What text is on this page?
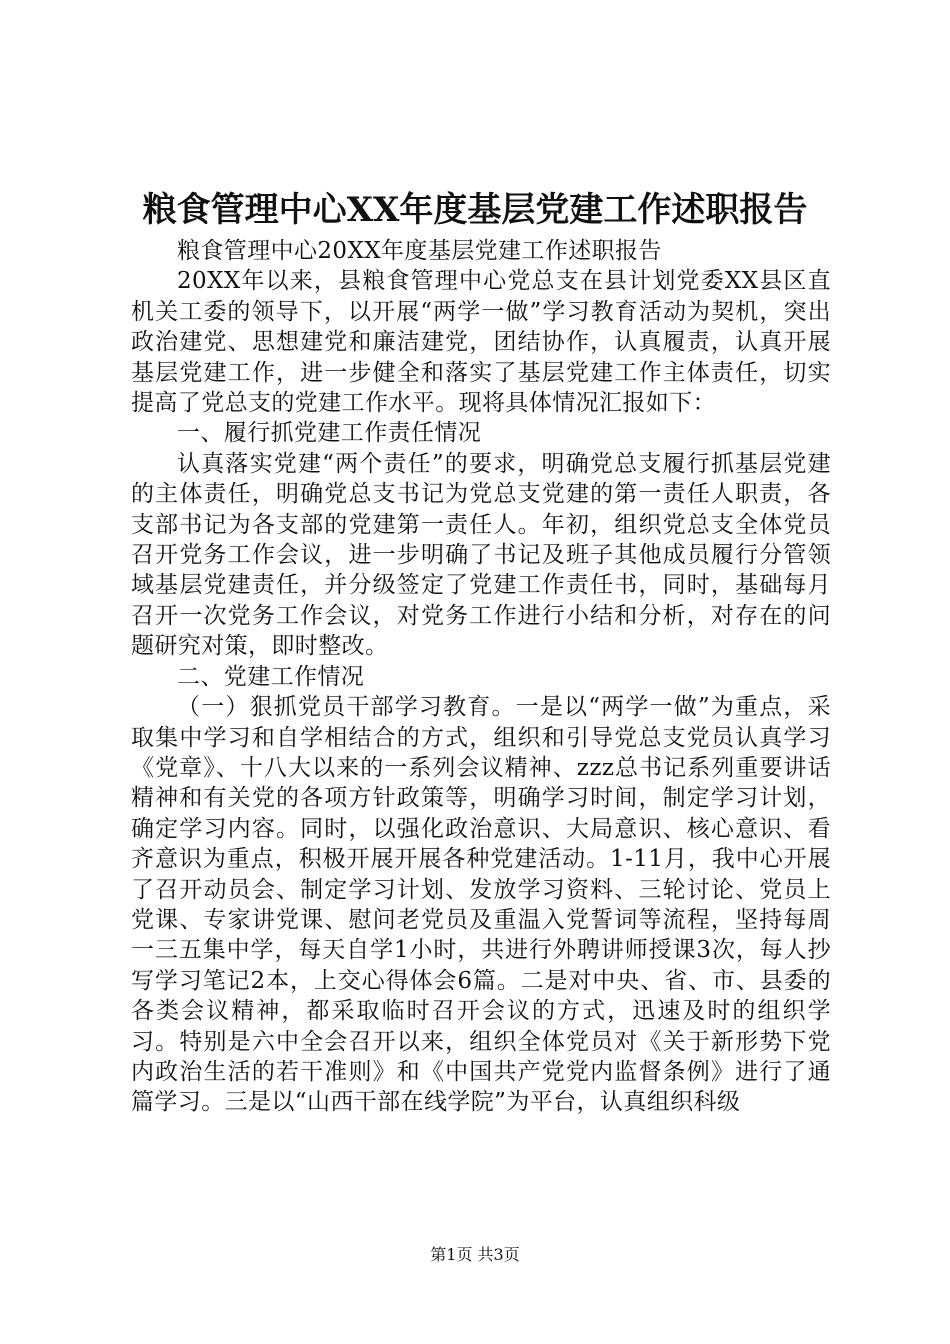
粮食管理中心XX年度基层党建工作述职报告

粮食管理中心20XX年度基层党建工作述职报告

20XX年以来，县粮食管理中心党总支在县计划党委XX县区直机关工委的领导下，以开展“两学一做”学习教育活动为契机，突出政治建党、思想建党和廉洁建党，团结协作，认真履责，认真开展基层党建工作，进一步健全和落实了基层党建工作主体责任，切实提高了党总支的党建工作水平。现将具体情况汇报如下：

一、履行抓党建工作责任情况

认真落实党建“两个责任”的要求，明确党总支履行抓基层党建的主体责任，明确党总支书记为党总支党建的第一责任人职责，各支部书记为各支部的党建第一责任人。年初，组织党总支全体党员召开党务工作会议，进一步明确了书记及班子其他成员履行分管领域基层党建责任，并分级签定了党建工作责任书，同时，基础每月召开一次党务工作会议，对党务工作进行小结和分析，对存在的问题研究对策，即时整改。

二、党建工作情况

（一）狠抓党员干部学习教育。一是以“两学一做”为重点，采取集中学习和自学相结合的方式，组织和引导党总支党员认真学习《党章》、十八大以来的一系列会议精神、zzz总书记系列重要讲话精神和有关党的各项方针政策等，明确学习时间，制定学习计划，确定学习内容。同时，以强化政治意识、大局意识、核心意识、看齐意识为重点，积极开展开展各种党建活动。1-11月，我中心开展了召开动员会、制定学习计划、发放学习资料、三轮讨论、党员上党课、专家讲党课、慰问老党员及重温入党誓词等流程，坚持每周一三五集中学，每天自学1小时，共进行外聘讲师授课3次，每人抄写学习笔记2本，上交心得体会6篇。二是对中央、省、市、县委的各类会议精神，都采取临时召开会议的方式，迅速及时的组织学习。特别是六中全会召开以来，组织全体党员对《关于新形势下党内政治生活的若干准则》和《中国共产党党内监督条例》进行了通篇学习。三是以“山西干部在线学院”为平台，认真组织科级

第1页 共3页
